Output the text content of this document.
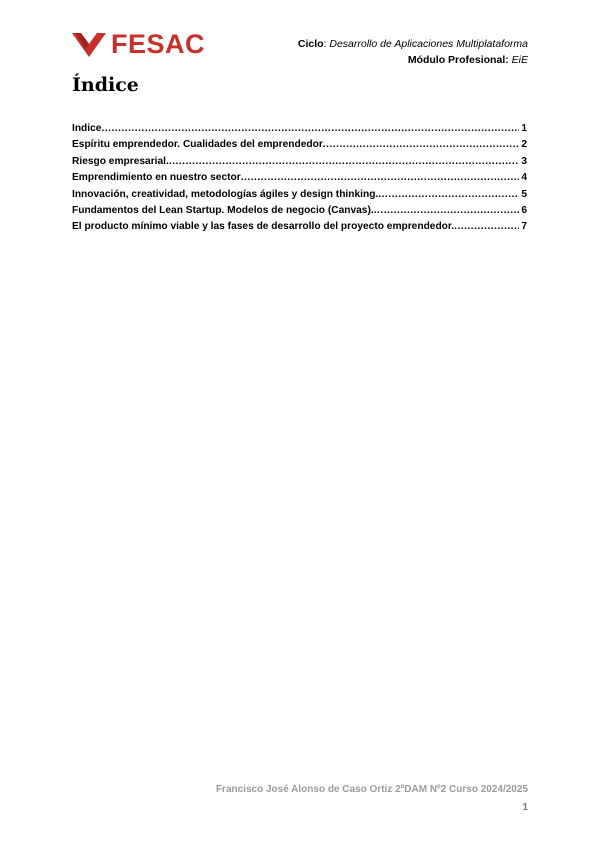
FESAC	Ciclo: Desarrollo de Aplicaciones Multiplataforma
Módulo Profesional: EiE
Índice
Índice .....	1
Espíritu emprendedor. Cualidades del emprendedor .....	2
Riesgo empresarial. .....	3
Emprendimiento en nuestro sector .....	4
Innovación, creatividad, metodologías ágiles y design thinking. .....	5
Fundamentos del Lean Startup. Modelos de negocio (Canvas). .....	6
El producto mínimo viable y las fases de desarrollo del proyecto emprendedor. .....	7
Francisco José Alonso de Caso Ortiz 2ºDAM Nº2 Curso 2024/2025
1
